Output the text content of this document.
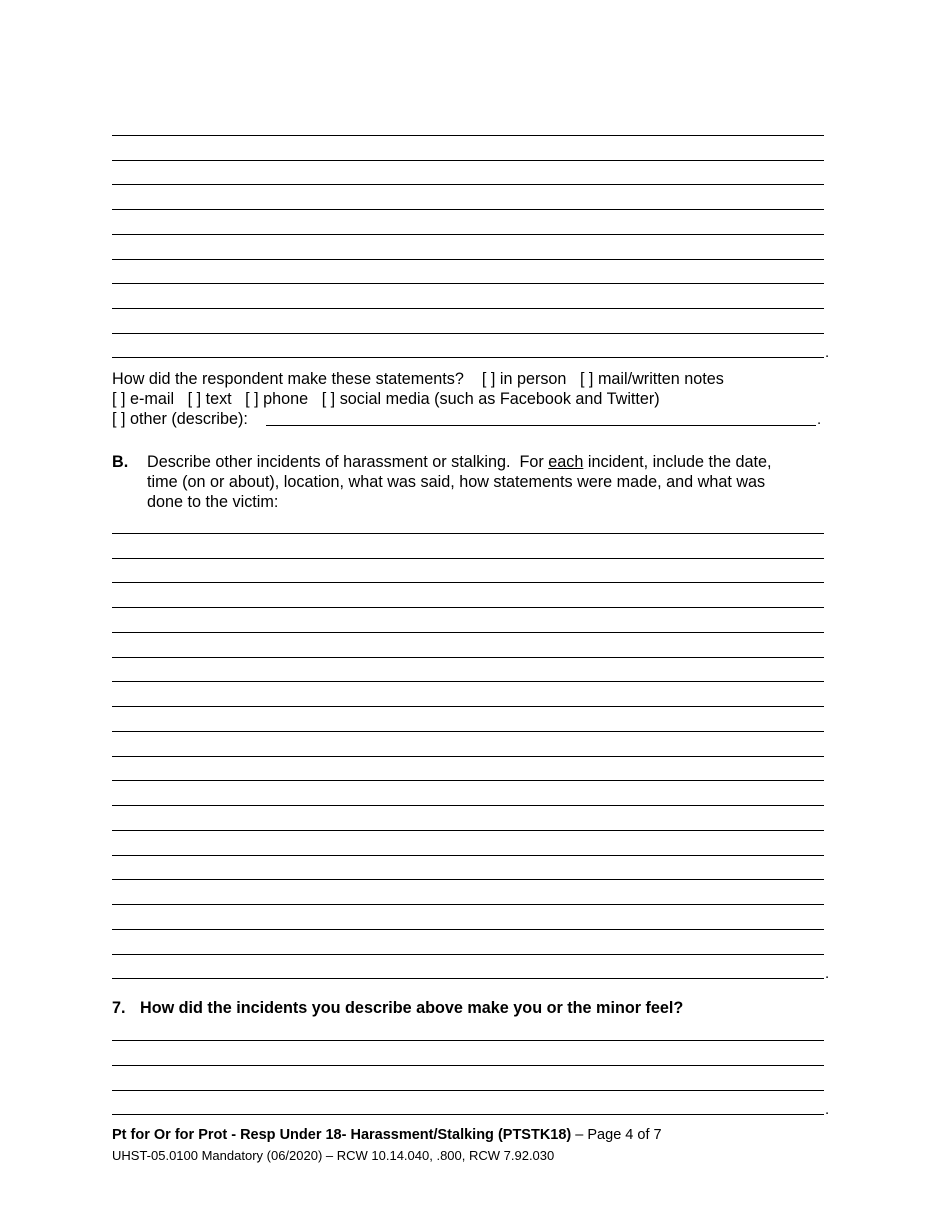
.
How did the respondent make these statements? [ ] in person [ ] mail/written notes
[ ] e-mail [ ] text [ ] phone [ ] social media (such as Facebook and Twitter)
[ ] other (describe):	.
B. Describe other incidents of harassment or stalking.  For each incident, include the date,
time (on or about), location, what was said, how statements were made, and what was
done to the victim:
.
7. How did the incidents you describe above make you or the minor feel?
.
Pt for Or for Prot - Resp Under 18- Harassment/Stalking (PTSTK18) – Page 4 of 7
UHST-05.0100 Mandatory (06/2020) – RCW 10.14.040, .800, RCW 7.92.030
